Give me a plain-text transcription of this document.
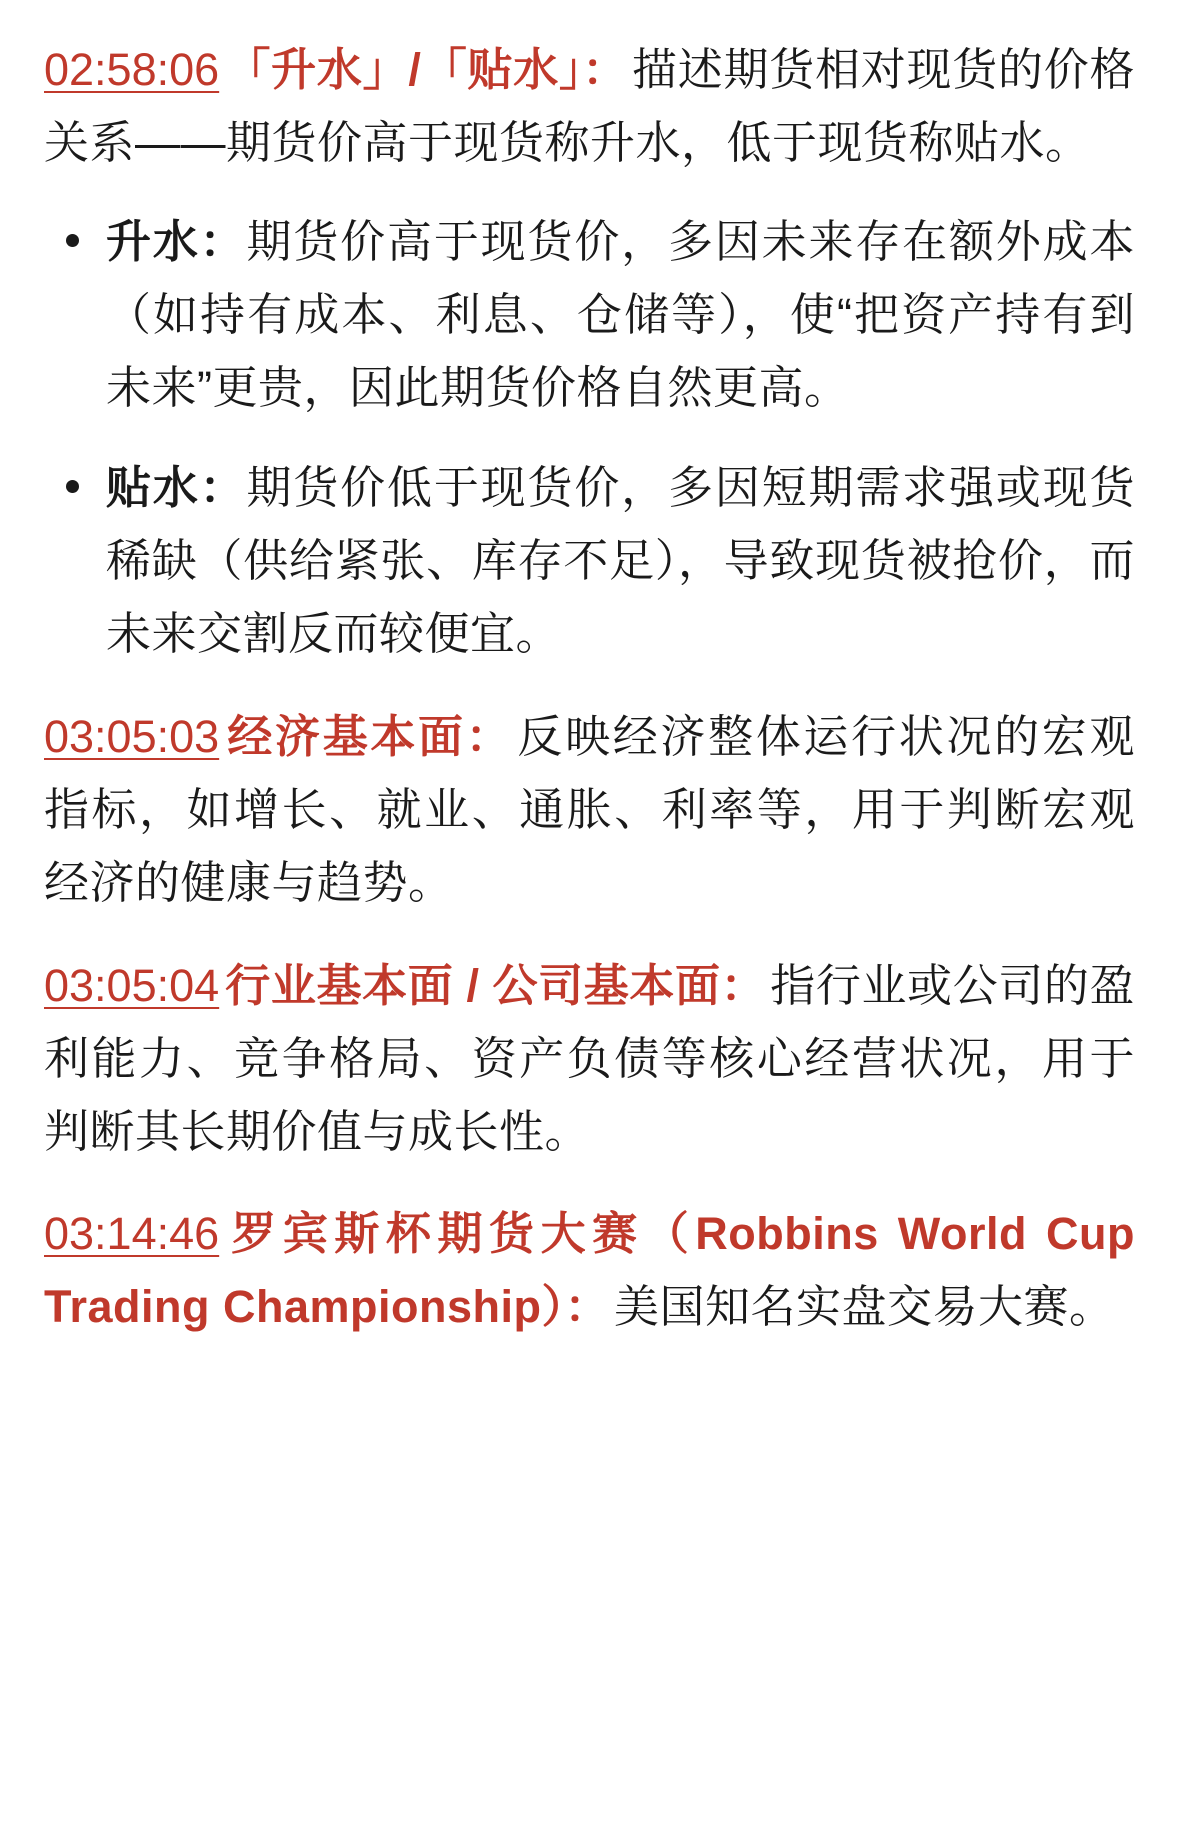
02:58:06 「升水」/「贴水」：描述期货相对现货的价格关系——期货价高于现货称升水，低于现货称贴水。

升水：期货价高于现货价，多因未来存在额外成本（如持有成本、利息、仓储等），使“把资产持有到未来”更贵，因此期货价格自然更高。
贴水：期货价低于现货价，多因短期需求强或现货稀缺（供给紧张、库存不足），导致现货被抢价，而未来交割反而较便宜。

03:05:03 经济基本面：反映经济整体运行状况的宏观指标，如增长、就业、通胀、利率等，用于判断宏观经济的健康与趋势。

03:05:04 行业基本面 / 公司基本面：指行业或公司的盈利能力、竞争格局、资产负债等核心经营状况，用于判断其长期价值与成长性。

03:14:46 罗宾斯杯期货大赛（Robbins World Cup Trading Championship）：美国知名实盘交易大赛。
